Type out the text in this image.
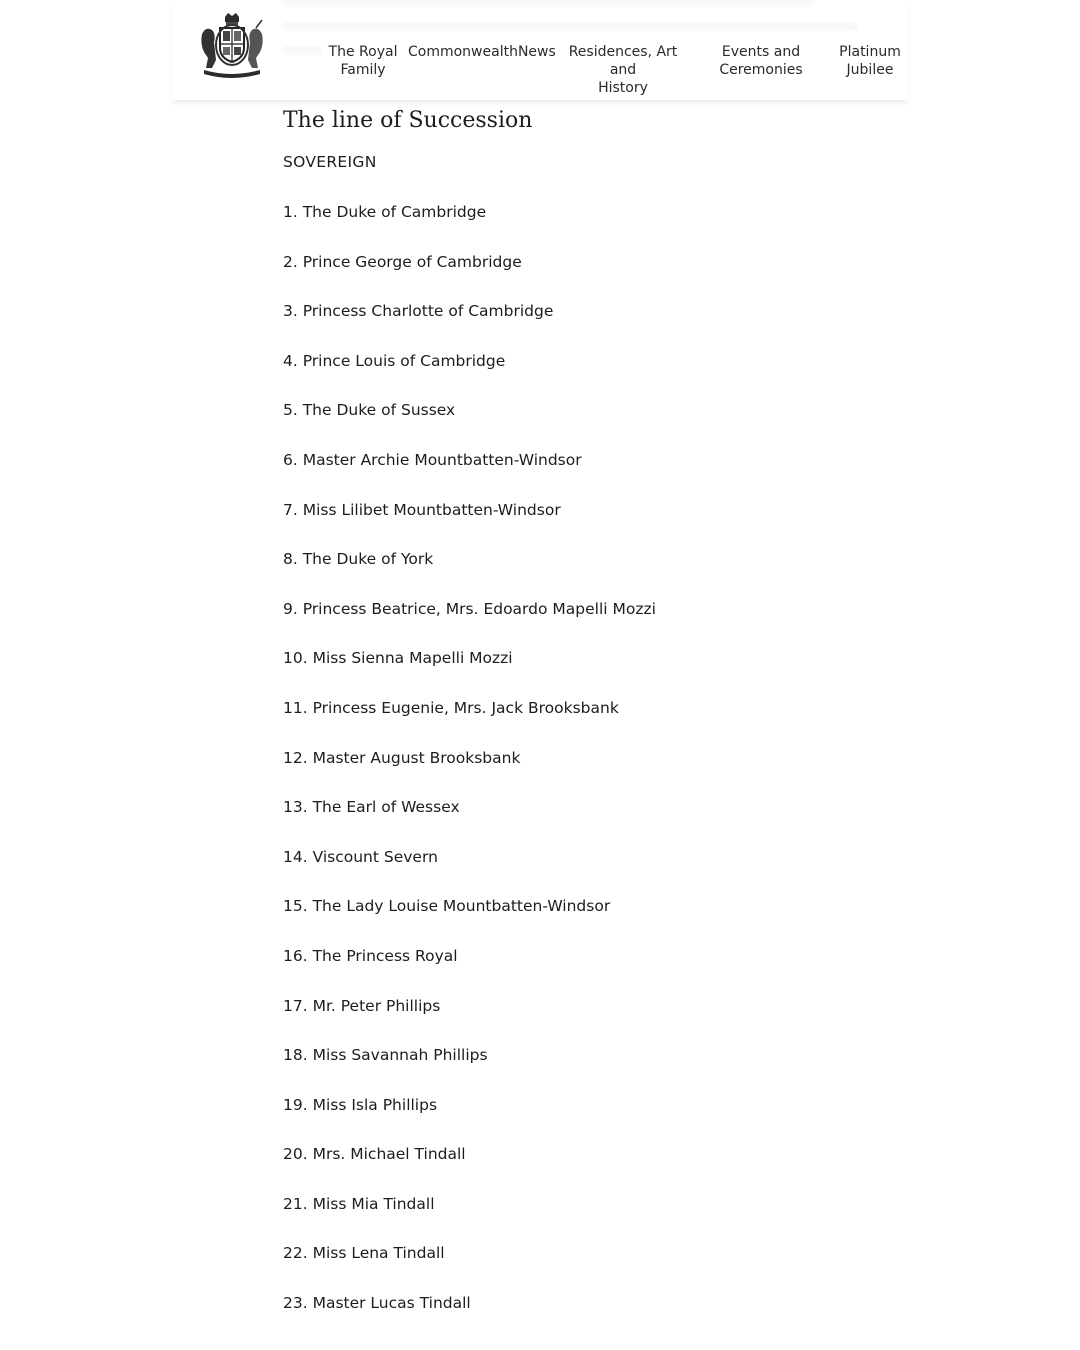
The Royal
Family
CommonwealthNews Residences, Art and
History
Events and
Ceremonies
Platinum
Jubilee
The line of Succession
SOVEREIGN
1. The Duke of Cambridge
2. Prince George of Cambridge
3. Princess Charlotte of Cambridge
4. Prince Louis of Cambridge
5. The Duke of Sussex
6. Master Archie Mountbatten-Windsor
7. Miss Lilibet Mountbatten-Windsor
8. The Duke of York
9. Princess Beatrice, Mrs. Edoardo Mapelli Mozzi
10. Miss Sienna Mapelli Mozzi
11. Princess Eugenie, Mrs. Jack Brooksbank
12. Master August Brooksbank
13. The Earl of Wessex
14. Viscount Severn
15. The Lady Louise Mountbatten-Windsor
16. The Princess Royal
17. Mr. Peter Phillips
18. Miss Savannah Phillips
19. Miss Isla Phillips
20. Mrs. Michael Tindall
21. Miss Mia Tindall
22. Miss Lena Tindall
23. Master Lucas Tindall
